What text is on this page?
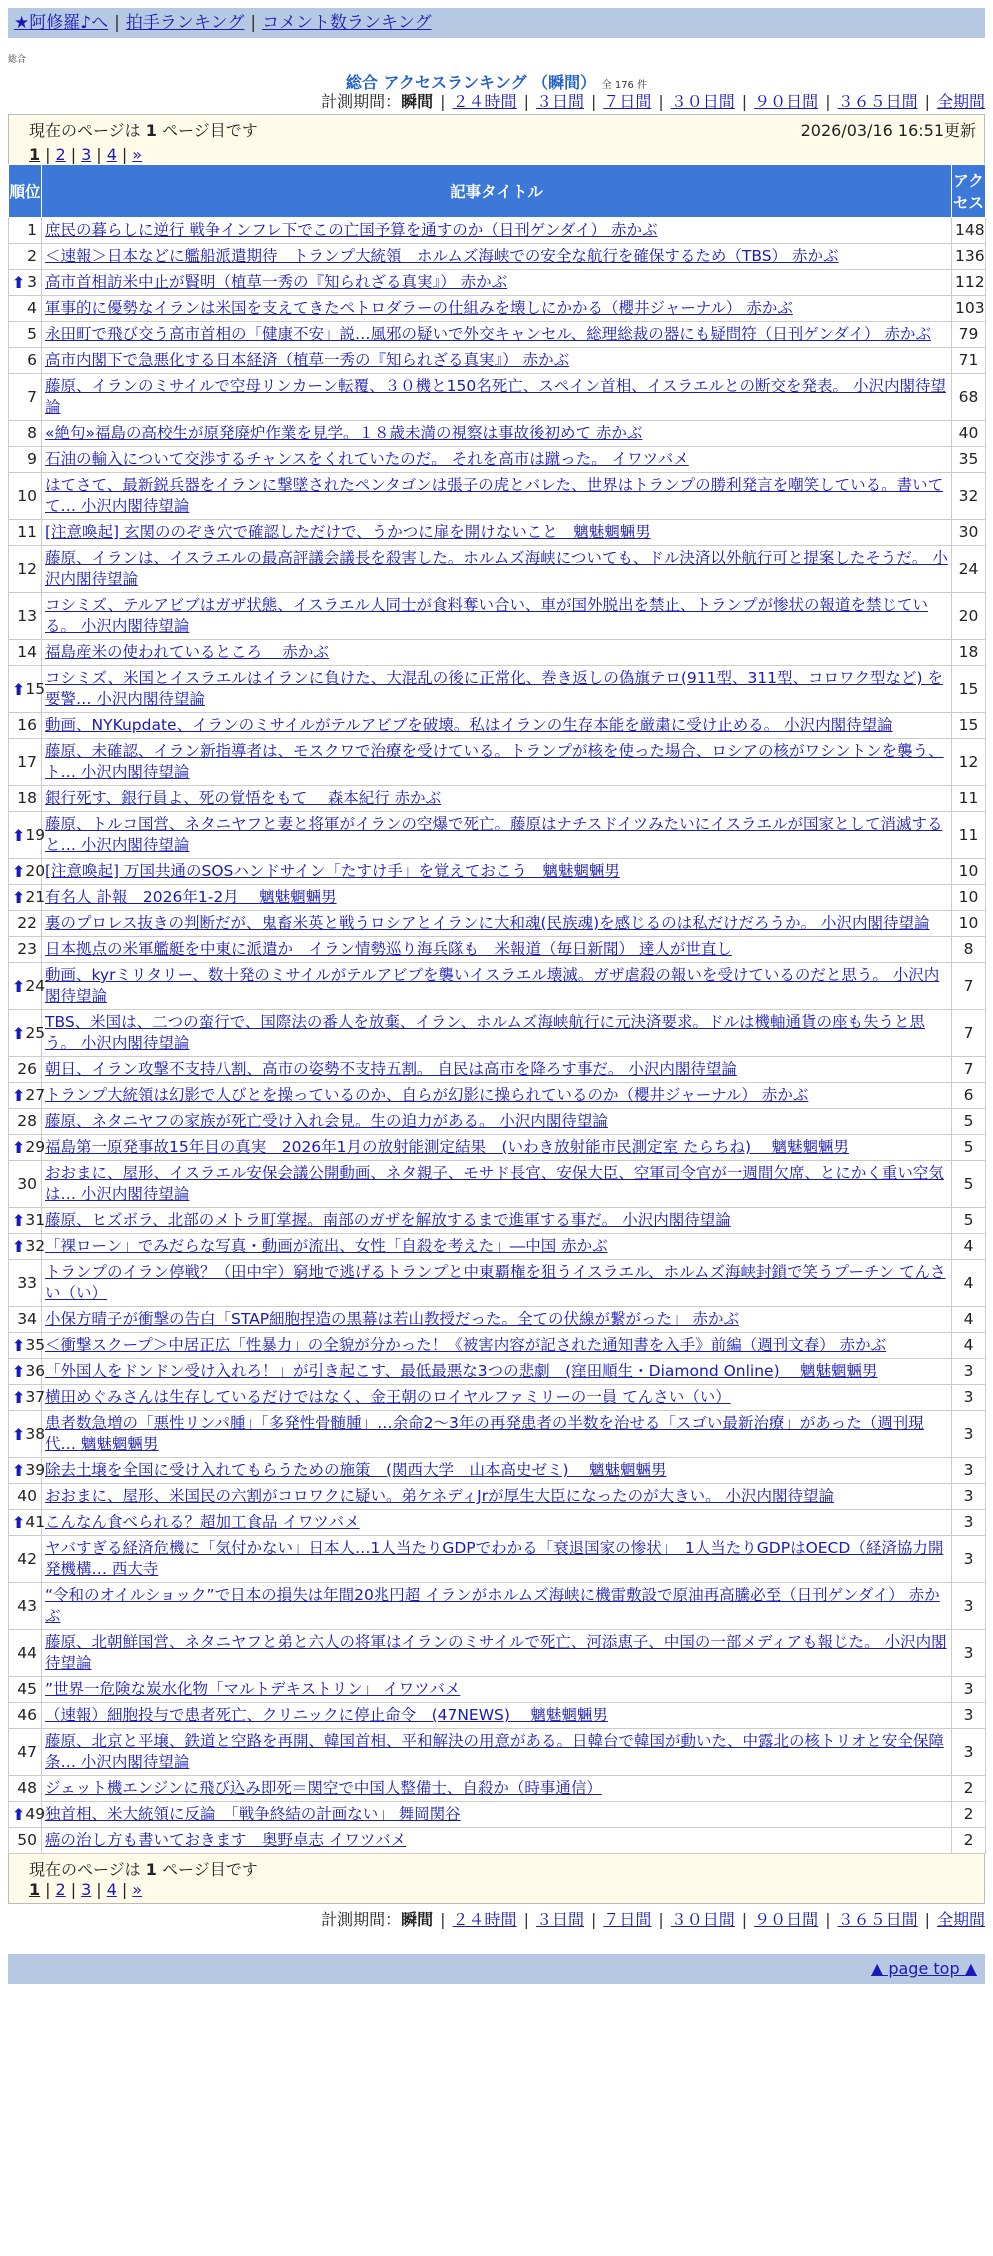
★阿修羅♪へ | 拍手ランキング | コメント数ランキング
総合
総合 アクセスランキング （瞬間） 全 176 件
計測期間：瞬間 | ２４時間 | ３日間 | ７日間 | ３０日間 | ９０日間 | ３６５日間 | 全期間
現在のページは 1 ページ目です	2026/03/16 16:51更新
1 | 2 | 3 | 4 | »
順位	記事タイトル	アクセス
1	庶民の暮らしに逆行 戦争インフレ下でこの亡国予算を通すのか（日刊ゲンダイ） 赤かぶ	148
2	＜速報＞日本などに艦船派遣期待　トランプ大統領　ホルムズ海峡での安全な航行を確保するため（TBS） 赤かぶ	136

⬆ 3	高市首相訪米中止が賢明（植草一秀の『知られざる真実』） 赤かぶ	112
4	軍事的に優勢なイランは米国を支えてきたペトロダラーの仕組みを壊しにかかる（櫻井ジャーナル） 赤かぶ	103
5	永田町で飛び交う高市首相の「健康不安」説…風邪の疑いで外交キャンセル、総理総裁の器にも疑問符（日刊ゲンダイ） 赤かぶ	79
6	高市内閣下で急悪化する日本経済（植草一秀の『知られざる真実』） 赤かぶ	71
7	藤原、イランのミサイルで空母リンカーン転覆、３０機と150名死亡、スペイン首相、イスラエルとの断交を発表。 小沢内閣待望論	68
8	«絶句»福島の高校生が原発廃炉作業を見学。１８歳未満の視察は事故後初めて 赤かぶ	40
9	石油の輸入について交渉するチャンスをくれていたのだ。 それを高市は蹴った。 イワツバメ	35
10	はてさて、最新鋭兵器をイランに撃墜されたペンタゴンは張子の虎とバレた、世界はトランプの勝利発言を嘲笑している。書いてて… 小沢内閣待望論	32
11	[注意喚起] 玄関ののぞき穴で確認しただけで、うかつに扉を開けないこと　魑魅魍魎男	30
12	藤原、イランは、イスラエルの最高評議会議長を殺害した。ホルムズ海峡についても、ドル決済以外航行可と提案したそうだ。 小沢内閣待望論	24
13	コシミズ、テルアビブはガザ状態、イスラエル人同士が食料奪い合い、車が国外脱出を禁止、トランプが惨状の報道を禁じている。 小沢内閣待望論	20
14	福島産米の使われているところ　 赤かぶ	18

⬆ 15	コシミズ、米国とイスラエルはイランに負けた、大混乱の後に正常化、巻き返しの偽旗テロ(911型、311型、コロワク型など) を要警… 小沢内閣待望論	15
16	動画、NYKupdate、イランのミサイルがテルアビブを破壊。私はイランの生存本能を厳粛に受け止める。 小沢内閣待望論	15
17	藤原、未確認、イラン新指導者は、モスクワで治療を受けている。トランプが核を使った場合、ロシアの核がワシントンを襲う、ト… 小沢内閣待望論	12
18	銀行死す、銀行員よ、死の覚悟をもて　 森本紀行 赤かぶ	11

⬆ 19	藤原、トルコ国営、ネタニヤフと妻と将軍がイランの空爆で死亡。藤原はナチスドイツみたいにイスラエルが国家として消滅すると… 小沢内閣待望論	11

⬆ 20	[注意喚起] 万国共通のSOSハンドサイン「たすけ手」を覚えておこう　魑魅魍魎男	10

⬆ 21	有名人 訃報　2026年1-2月　 魑魅魍魎男	10
22	裏のプロレス抜きの判断だが、鬼畜米英と戦うロシアとイランに大和魂(民族魂)を感じるのは私だけだろうか。 小沢内閣待望論	10
23	日本拠点の米軍艦艇を中東に派遣か　イラン情勢巡り海兵隊も　米報道（毎日新聞） 達人が世直し	8

⬆ 24	動画、kyrミリタリー、数十発のミサイルがテルアビブを襲いイスラエル壊滅。ガザ虐殺の報いを受けているのだと思う。 小沢内閣待望論	7

⬆ 25	TBS、米国は、二つの蛮行で、国際法の番人を放棄、イラン、ホルムズ海峡航行に元決済要求。ドルは機軸通貨の座も失うと思う。 小沢内閣待望論	7
26	朝日、イラン攻撃不支持八割、高市の姿勢不支持五割。 自民は高市を降ろす事だ。 小沢内閣待望論	7

⬆ 27	トランプ大統領は幻影で人びとを操っているのか、自らが幻影に操られているのか（櫻井ジャーナル） 赤かぶ	6
28	藤原、ネタニヤフの家族が死亡受け入れ会見。生の迫力がある。 小沢内閣待望論	5

⬆ 29	福島第一原発事故15年目の真実　2026年1月の放射能測定結果　(いわき放射能市民測定室 たらちね)　 魑魅魍魎男	5
30	おおまに、屋形、イスラエル安保会議公開動画、ネタ親子、モサド長官、安保大臣、空軍司令官が一週間欠席、とにかく重い空気は… 小沢内閣待望論	5

⬆ 31	藤原、ヒズボラ、北部のメトラ町掌握。南部のガザを解放するまで進軍する事だ。 小沢内閣待望論	5

⬆ 32	「裸ローン」でみだらな写真・動画が流出、女性「自殺を考えた」―中国 赤かぶ	4
33	トランプのイラン停戦？（田中宇）窮地で逃げるトランプと中東覇権を狙うイスラエル、ホルムズ海峡封鎖で笑うプーチン てんさい（い）	4
34	小保方晴子が衝撃の告白「STAP細胞捏造の黒幕は若山教授だった。全ての伏線が繋がった」 赤かぶ	4

⬆ 35	＜衝撃スクープ＞中居正広「性暴力」の全貌が分かった！《被害内容が記された通知書を入手》前編（週刊文春） 赤かぶ	4

⬆ 36	「外国人をドンドン受け入れろ！」が引き起こす、最低最悪な3つの悲劇　(窪田順生・Diamond Online)　 魑魅魍魎男	3

⬆ 37	横田めぐみさんは生存しているだけではなく、金王朝のロイヤルファミリーの一員 てんさい（い）	3

⬆ 38	患者数急増の「悪性リンパ腫」「多発性骨髄腫」…余命2～3年の再発患者の半数を治せる「スゴい最新治療」があった（週刊現代… 魑魅魍魎男	3

⬆ 39	除去土壌を全国に受け入れてもらうための施策　(関西大学　山本高史ゼミ)　 魑魅魍魎男	3
40	おおまに、屋形、米国民の六割がコロワクに疑い。弟ケネディJrが厚生大臣になったのが大きい。 小沢内閣待望論	3

⬆ 41	こんなん食べられる？超加工食品 イワツバメ	3
42	ヤバすぎる経済危機に「気付かない」日本人…1人当たりGDPでわかる「衰退国家の惨状」　1人当たりGDPはOECD（経済協力開発機構… 西大寺	3
43	“令和のオイルショック”で日本の損失は年間20兆円超 イランがホルムズ海峡に機雷敷設で原油再高騰必至（日刊ゲンダイ） 赤かぶ	3
44	藤原、北朝鮮国営、ネタニヤフと弟と六人の将軍はイランのミサイルで死亡、河添恵子、中国の一部メディアも報じた。 小沢内閣待望論	3
45	”世界一危険な炭水化物「マルトデキストリン」 イワツバメ	3
46	（速報）細胞投与で患者死亡、クリニックに停止命令　(47NEWS)　 魑魅魍魎男	3
47	藤原、北京と平壌、鉄道と空路を再開、韓国首相、平和解決の用意がある。日韓台で韓国が動いた、中露北の核トリオと安全保障条… 小沢内閣待望論	3
48	ジェット機エンジンに飛び込み即死＝関空で中国人整備士、自殺か（時事通信）	2

⬆ 49	独首相、米大統領に反論　「戦争終結の計画ない」 舞岡関谷	2
50	癌の治し方も書いておきます　奥野卓志 イワツバメ	2
現在のページは 1 ページ目です
1 | 2 | 3 | 4 | »
計測期間：瞬間 | ２４時間 | ３日間 | ７日間 | ３０日間 | ９０日間 | ３６５日間 | 全期間
▲ page top ▲
